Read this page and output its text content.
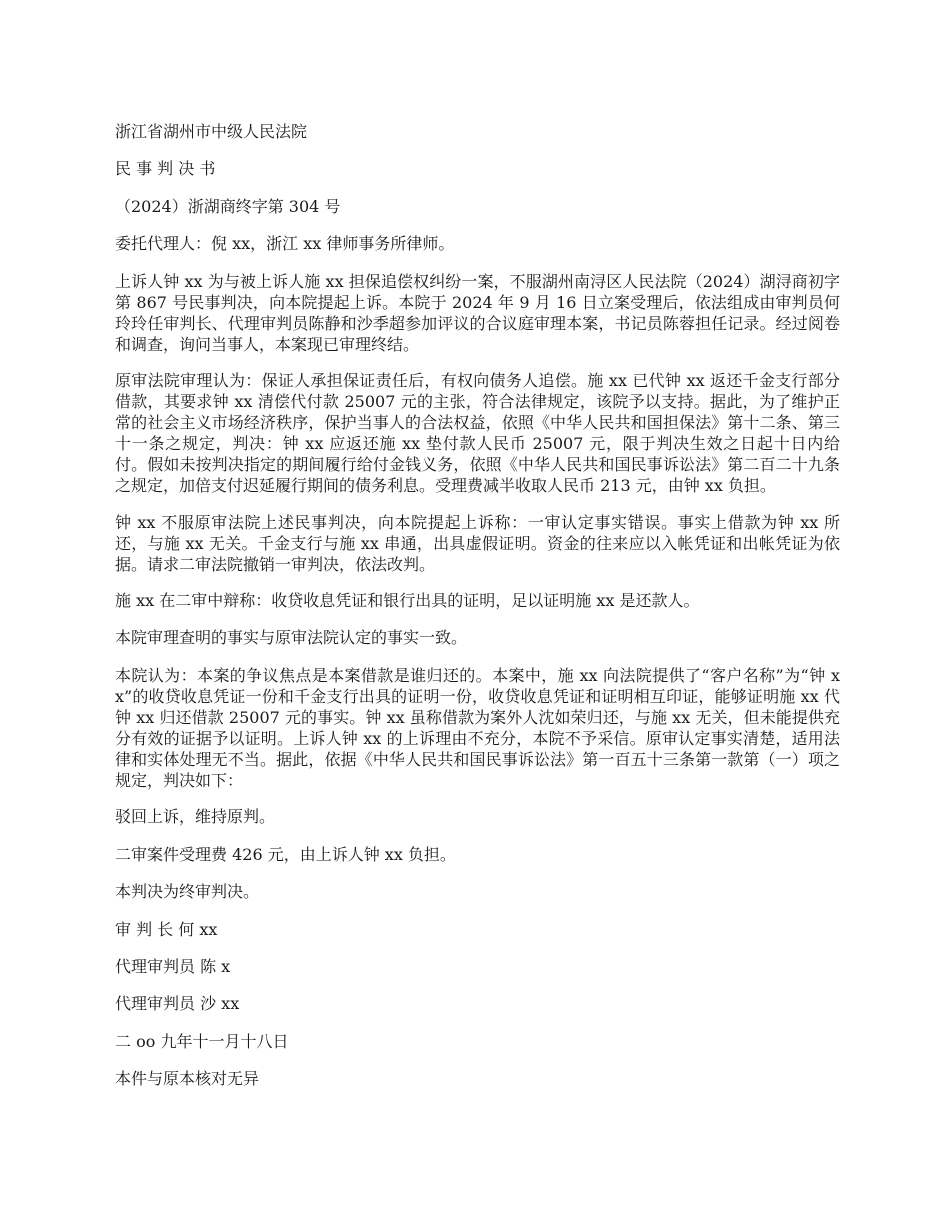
浙江省湖州市中级人民法院

民 事 判 决 书

（2024）浙湖商终字第 304 号

委托代理人：倪 xx，浙江 xx 律师事务所律师。

上诉人钟 xx 为与被上诉人施 xx 担保追偿权纠纷一案，不服湖州南浔区人民法院（2024）湖浔商初字第 867 号民事判决，向本院提起上诉。本院于 2024 年 9 月 16 日立案受理后，依法组成由审判员何玲玲任审判长、代理审判员陈静和沙季超参加评议的合议庭审理本案，书记员陈蓉担任记录。经过阅卷和调查，询问当事人，本案现已审理终结。

原审法院审理认为：保证人承担保证责任后，有权向债务人追偿。施 xx 已代钟 xx 返还千金支行部分借款，其要求钟 xx 清偿代付款 25007 元的主张，符合法律规定，该院予以支持。据此，为了维护正常的社会主义市场经济秩序，保护当事人的合法权益，依照《中华人民共和国担保法》第十二条、第三十一条之规定，判决：钟 xx 应返还施 xx 垫付款人民币 25007 元，限于判决生效之日起十日内给付。假如未按判决指定的期间履行给付金钱义务，依照《中华人民共和国民事诉讼法》第二百二十九条之规定，加倍支付迟延履行期间的债务利息。受理费减半收取人民币 213 元，由钟 xx 负担。

钟 xx 不服原审法院上述民事判决，向本院提起上诉称：一审认定事实错误。事实上借款为钟 xx 所还，与施 xx 无关。千金支行与施 xx 串通，出具虚假证明。资金的往来应以入帐凭证和出帐凭证为依据。请求二审法院撤销一审判决，依法改判。

施 xx 在二审中辩称：收贷收息凭证和银行出具的证明，足以证明施 xx 是还款人。

本院审理查明的事实与原审法院认定的事实一致。

本院认为：本案的争议焦点是本案借款是谁归还的。本案中，施 xx 向法院提供了“客户名称”为“钟 xx”的收贷收息凭证一份和千金支行出具的证明一份，收贷收息凭证和证明相互印证，能够证明施 xx 代钟 xx 归还借款 25007 元的事实。钟 xx 虽称借款为案外人沈如荣归还，与施 xx 无关，但未能提供充分有效的证据予以证明。上诉人钟 xx 的上诉理由不充分，本院不予采信。原审认定事实清楚，适用法律和实体处理无不当。据此，依据《中华人民共和国民事诉讼法》第一百五十三条第一款第（一）项之规定，判决如下：

驳回上诉，维持原判。

二审案件受理费 426 元，由上诉人钟 xx 负担。

本判决为终审判决。

审 判 长 何 xx

代理审判员 陈 x

代理审判员 沙 xx

二 oo 九年十一月十八日

本件与原本核对无异
